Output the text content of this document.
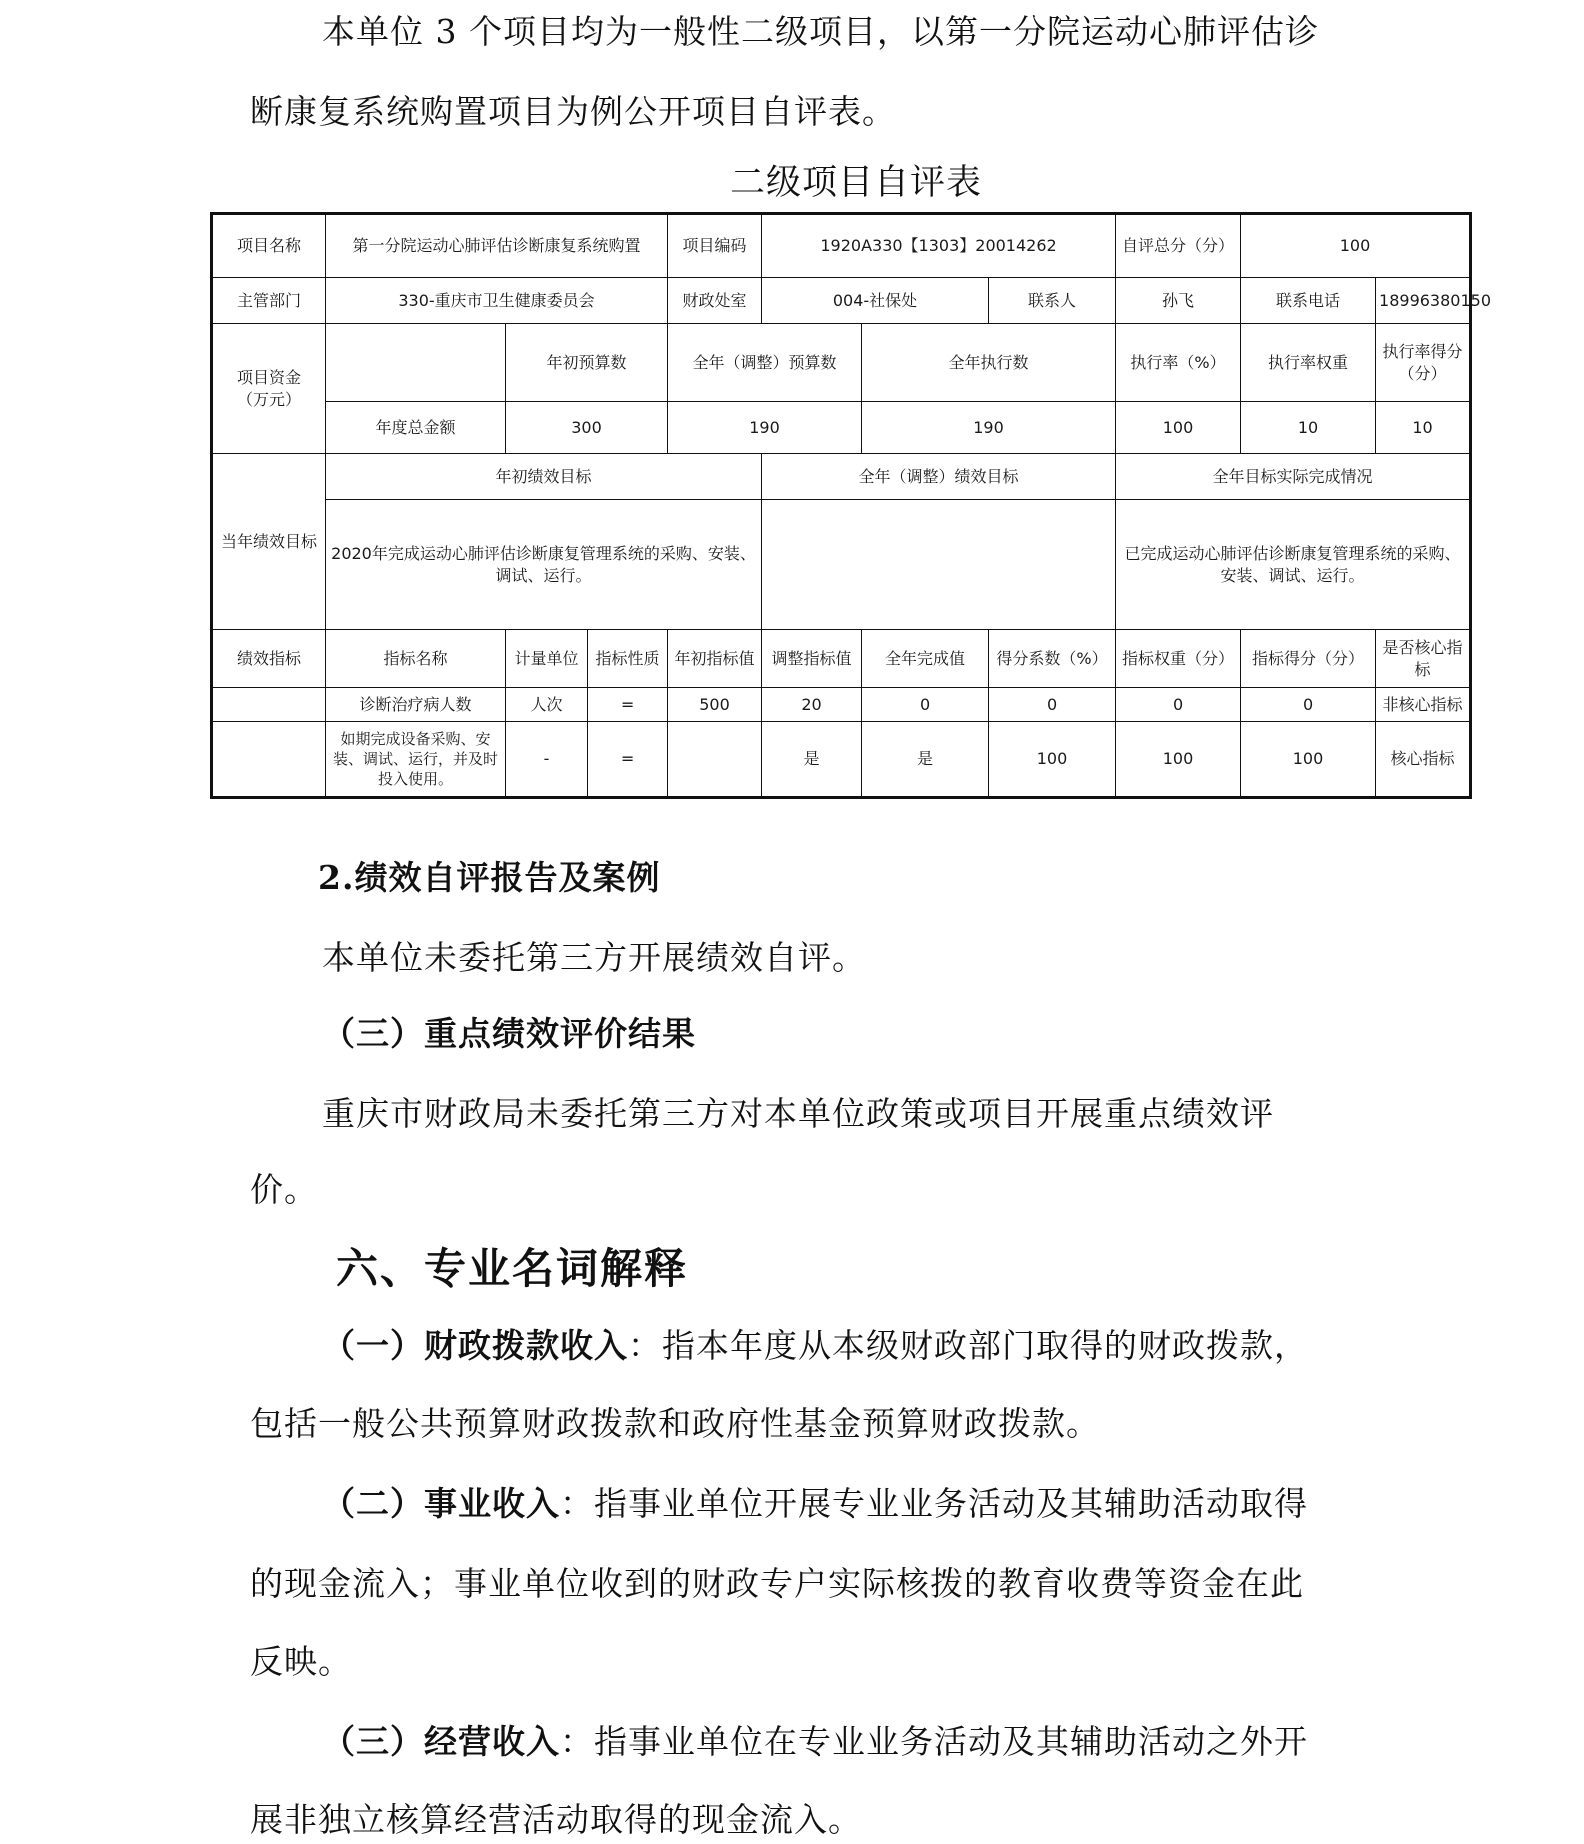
本单位 3 个项目均为一般性二级项目，以第一分院运动心肺评估诊
断康复系统购置项目为例公开项目自评表。
二级项目自评表
项目名称	第一分院运动心肺评估诊断康复系统购置			项目编码	1920A330【1303】20014262			自评总分（分）	100	
主管部门	330-重庆市卫生健康委员会			财政处室	004-社保处		联系人	孙飞	联系电话	18996380150

项目资金
（万元）		年初预算数		全年（调整）预算数		全年执行数		执行率（%）	执行率权重	执行率得分（分）
	年度总金额	300		190		190		100	10	10
当年绩效目标	年初绩效目标				全年（调整）绩效目标			全年目标实际完成情况		
	2020年完成运动心肺评估诊断康复管理系统的采购、安装、调试、运行。							已完成运动心肺评估诊断康复管理系统的采购、安装、调试、运行。		
绩效指标	指标名称	计量单位	指标性质	年初指标值	调整指标值	全年完成值	得分系数（%）	指标权重（分）	指标得分（分）	是否核心指标
	诊断治疗病人数	人次	=	500	20	0	0	0	0	非核心指标
	如期完成设备采购、安装、调试、运行，并及时投入使用。	-	=		是	是	100	100	100	核心指标
2.绩效自评报告及案例
本单位未委托第三方开展绩效自评。
（三）重点绩效评价结果
重庆市财政局未委托第三方对本单位政策或项目开展重点绩效评
价。
六、专业名词解释
（一）财政拨款收入：指本年度从本级财政部门取得的财政拨款，
包括一般公共预算财政拨款和政府性基金预算财政拨款。
（二）事业收入：指事业单位开展专业业务活动及其辅助活动取得
的现金流入；事业单位收到的财政专户实际核拨的教育收费等资金在此
反映。
（三）经营收入：指事业单位在专业业务活动及其辅助活动之外开
展非独立核算经营活动取得的现金流入。
